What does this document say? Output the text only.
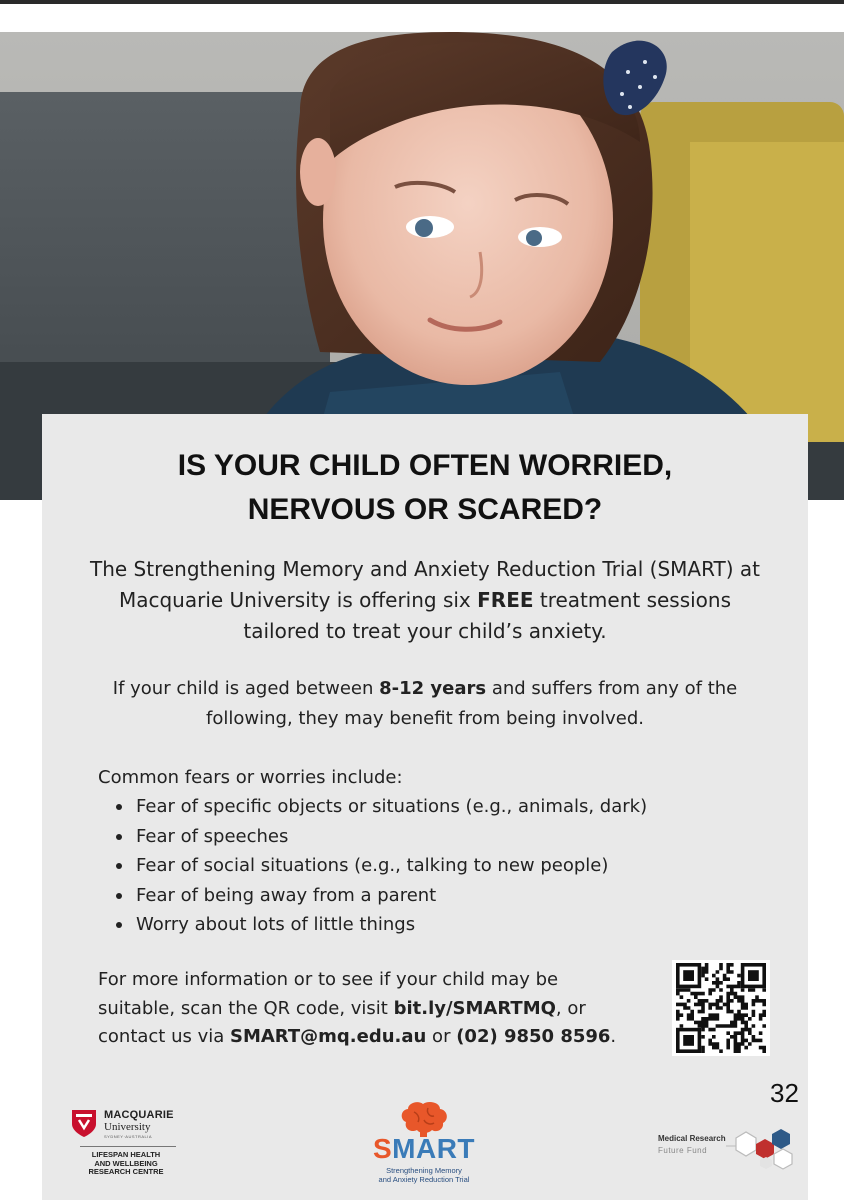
IS YOUR CHILD OFTEN WORRIED,
NERVOUS OR SCARED?

The Strengthening Memory and Anxiety Reduction Trial (SMART) at Macquarie University is offering six FREE treatment sessions tailored to treat your child’s anxiety.

If your child is aged between 8-12 years and suffers from any of the following, they may benefit from being involved.

Common fears or worries include:

Fear of specific objects or situations (e.g., animals, dark)
Fear of speeches
Fear of social situations (e.g., talking to new people)
Fear of being away from a parent
Worry about lots of little things

For more information or to see if your child may be suitable, scan the QR code, visit bit.ly/SMARTMQ, or contact us via SMART@mq.edu.au or (02) 9850 8596.

32
MACQUARIE
University
SYDNEY·AUSTRALIA
LIFESPAN HEALTH
AND WELLBEING
RESEARCH CENTRE
SMART
Strengthening Memory
and Anxiety Reduction Trial
Medical Research
Future Fund
